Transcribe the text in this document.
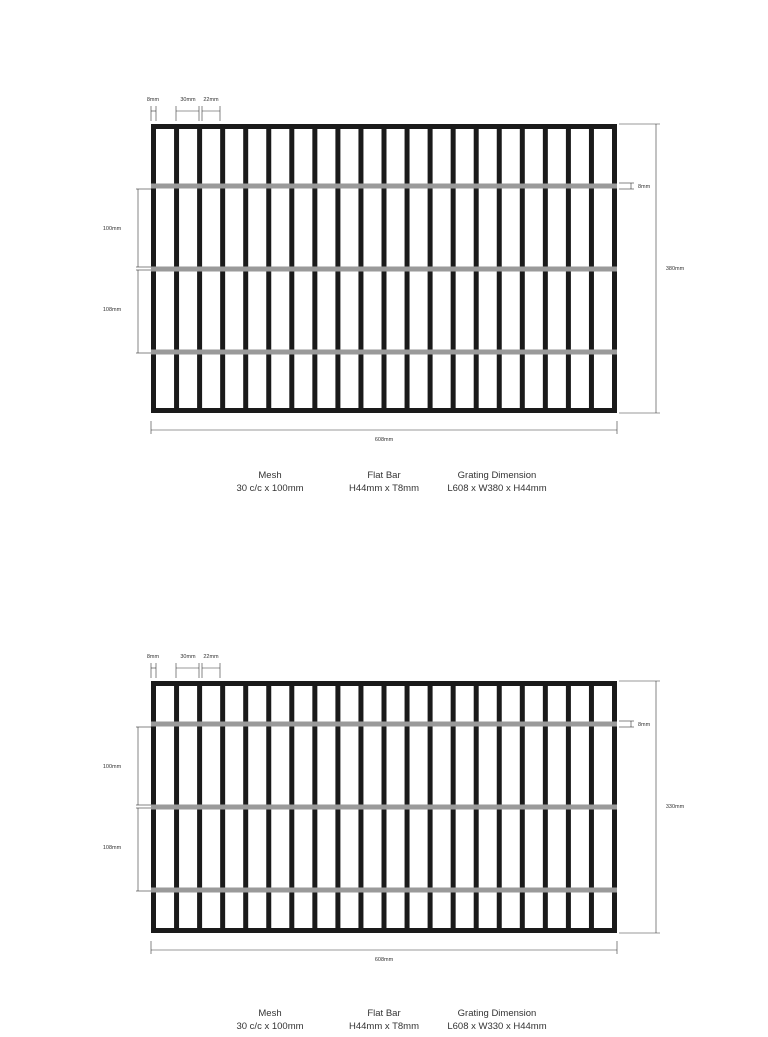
8mm	30mm 22mm
8mm
100mm
108mm
380mm
608mm
Mesh
30 c/c x 100mm
Flat Bar
H44mm x T8mm
Grating Dimension
L608 x W380 x H44mm
8mm	30mm 22mm
8mm
100mm
108mm
330mm
608mm
Mesh
30 c/c x 100mm
Flat Bar
H44mm x T8mm
Grating Dimension
L608 x W330 x H44mm
